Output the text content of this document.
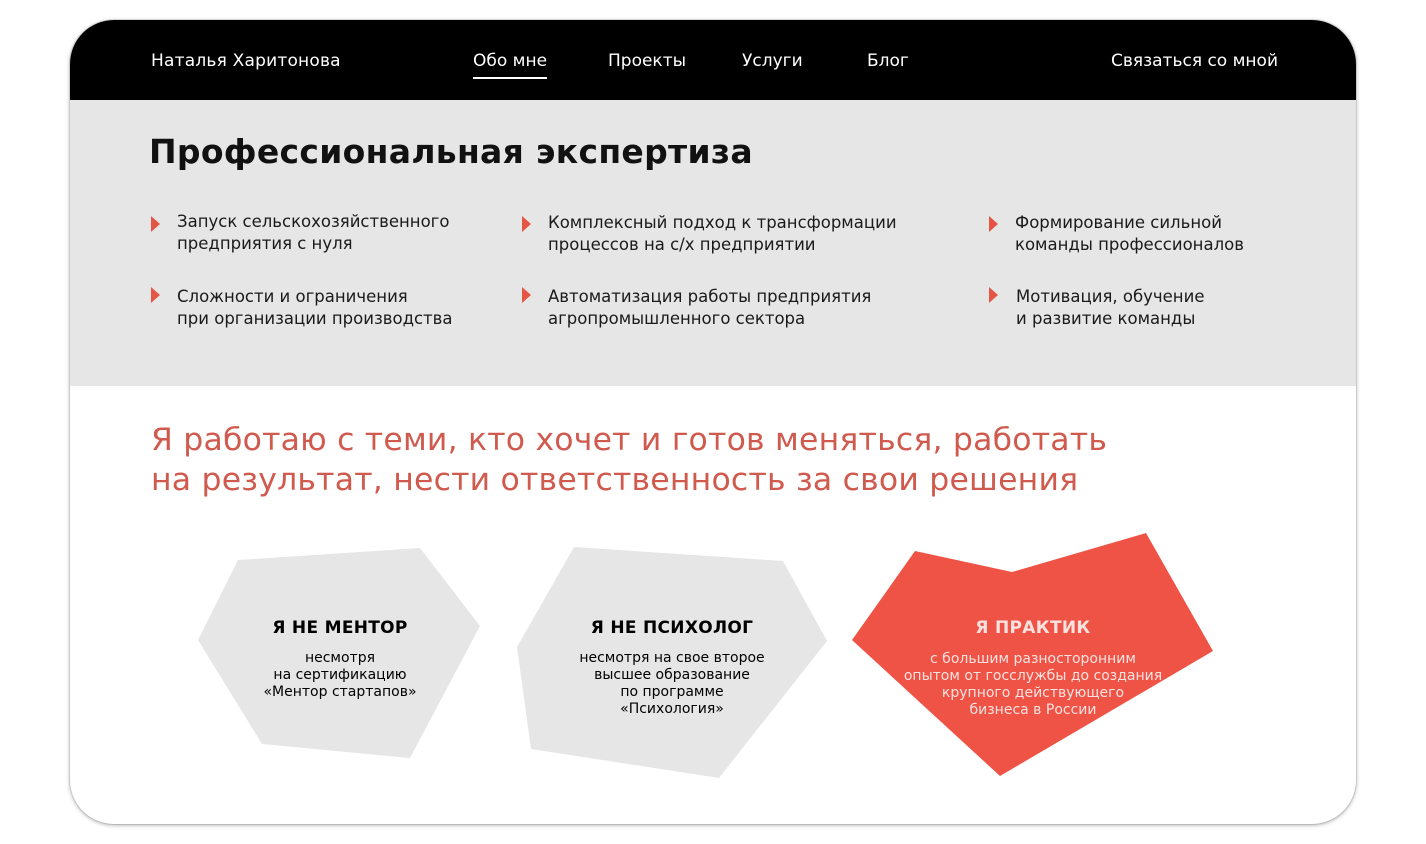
Наталья Харитонова	Обо мне	Проекты	Услуги	Блог	Связаться со мной
Профессиональная экспертиза
Запуск сельскохозяйственного
предприятия с нуля
Комплексный подход к трансформации
процессов на с/х предприятии
Формирование сильной
команды профессионалов
Сложности и ограничения
при организации производства
Автоматизация работы предприятия
агропромышленного сектора
Мотивация, обучение
и развитие команды

Я работаю с теми, кто хочет и готов меняться, работать
на результат, нести ответственность за свои решения

Я НЕ МЕНТОР
несмотря
на сертификацию
«Ментор стартапов»
Я НЕ ПСИХОЛОГ
несмотря на свое второе
высшее образование
по программе
«Психология»
Я ПРАКТИК
с большим разносторонним
опытом от госслужбы до создания
крупного действующего
бизнеса в России
